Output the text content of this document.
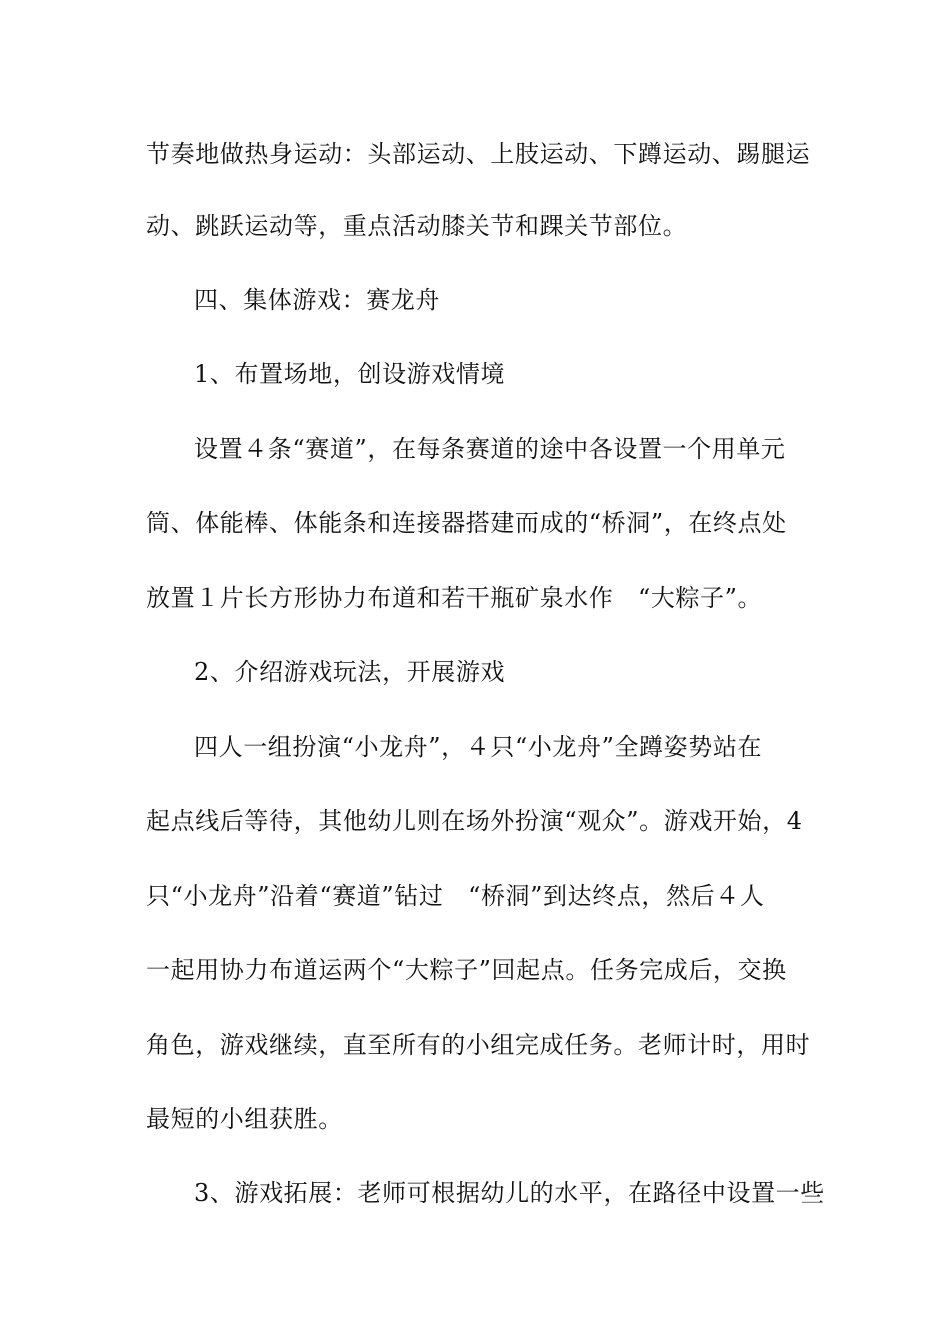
节奏地做热身运动：头部运动、上肢运动、下蹲运动、踢腿运
动、跳跃运动等，重点活动膝关节和踝关节部位。
四、集体游戏：赛龙舟
1、布置场地，创设游戏情境
设置４条“赛道”，在每条赛道的途中各设置一个用单元
筒、体能棒、体能条和连接器搭建而成的“桥洞”，在终点处
放置１片长方形协力布道和若干瓶矿泉水作　“大粽子”。
2、介绍游戏玩法，开展游戏
四人一组扮演“小龙舟”，４只“小龙舟”全蹲姿势站在
起点线后等待，其他幼儿则在场外扮演“观众”。游戏开始，4
只“小龙舟”沿着“赛道”钻过　“桥洞”到达终点，然后４人
一起用协力布道运两个“大粽子”回起点。任务完成后，交换
角色，游戏继续，直至所有的小组完成任务。老师计时，用时
最短的小组获胜。
3、游戏拓展：老师可根据幼儿的水平，在路径中设置一些
